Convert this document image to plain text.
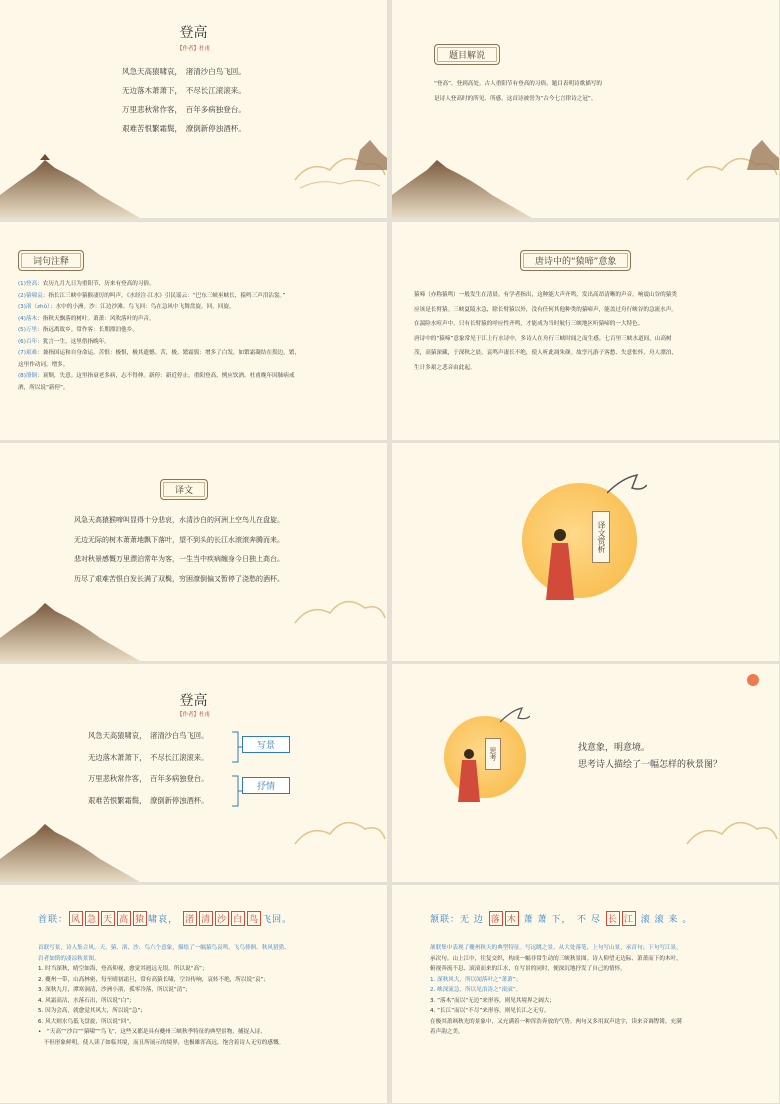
登高
【作者】杜甫
风急天高猿啸哀，　渚清沙白鸟飞回。
无边落木萧萧下，　不尽长江滚滚来。
万里悲秋常作客，　百年多病独登台。
艰难苦恨繁霜鬓，　潦倒新停浊酒杯。
题目解说
“登高”，登到高处。古人重阳节有登高的习俗。题目表明诗歌描写的
是诗人登高时的所见、所感。这首诗被誉为“古今七言律诗之冠”。
词句注释
(1)登高：农历九月九日为重阳节，历来有登高的习俗。
(2)猿啸哀：指长江三峡中猿猴凄厉的叫声。《水经注·江水》引民谣云：“巴东三峡巫峡长，猿鸣三声泪沾裳。”
(3)渚（zhǔ）：水中的小洲。沙：江边沙滩。鸟飞回：鸟在急风中飞舞盘旋。回，回旋。
(4)落木：指秋天飘落的树叶。萧萧：风吹落叶的声音。
(5)万里：指远离故乡。常作客：长期漂泊他乡。
(6)百年：犹言一生，这里借指晚年。
(7)艰难：兼指国运和自身命运。苦恨：极恨，极其遗憾。苦，极。繁霜鬓：增多了白发，如繁霜凝结在鬓边。繁，
这里作动词，增多。
(8)潦倒：衰颓，失意。这里指衰老多病，志不得伸。新停：新近停止。重阳登高，例应饮酒。杜甫晚年因肺病戒
酒，所以说“新停”。
唐诗中的“猿啼”意象
猿啼（亦称猿鸣）一般发生在清晨。有学者指出，这种能大声齐鸣，发出高昂清晰的声音，响震山谷的猿类
应该是长臂猿。三峡夏陵水急，除长臂猿以外，没有任何其他种类的猿啼声，能盖过舟行峡谷的急流水声。
在湍险水喧声中，只有长臂猿的呼应性齐鸣，才能成为当时航行三峡地区听猿啼的一大特色。
唐诗中的“猿啼”意象常见于江上行水诗中，多诗人在舟行三峡时闻之而生感。七百里三峡水道间，山高树
茂，高猿深藏，于深秋之晨，哀鸣声凄长不绝，使人听此凋朱颜。故孪凡游子客愁、失意怅怀，舟人漂泊，
生计多艰之悲音由此起。
译文
风急天高猿猴啼叫显得十分悲哀，水清沙白的河洲上空鸟儿在盘旋。
无边无际的树木萧萧地飘下落叶，望不到头的长江水滚滚奔腾而来。
悲对秋景感慨万里漂泊常年为客，一生当中疾病缠身今日独上高台。
历尽了艰难苦恨白发长满了双鬓，穷困潦倒偏又暂停了浇愁的酒杯。
译文赏析
登高
【作者】杜甫
风急天高猿啸哀，　渚清沙白鸟飞回。
无边落木萧萧下，　不尽长江滚滚来。
万里悲秋常作客，　百年多病独登台。
艰难苦恨繁霜鬓，　潦倒新停浊酒杯。
写景
抒情
思考	找意象，明意境。
思考诗人描绘了一幅怎样的秋景图？
首联： 风 急 天 高 猿 啸哀， 渚 清 沙 白 鸟 飞回。
首联写景，诗人集合风、天、猿、渚、沙、鸟六个意象，描绘了一幅猿鸟哀鸣、飞鸟徘徊、秋风猎猎、
岩者如斯的凄凉秋景图。
1. 时当深秋，晴空如海，登高仰视，愈觉其迥远无垠，所以说“高”；
2. 夔州一带，山高林密，每至晴初霜旦，常有高猿长啸，空谷传响，哀转不绝，所以说“哀”；
3. 深秋九月，潭寒洞清，沙洲小渚，孤零冷落，所以说“清”；
4. 风霜高洁，水落石出，所以说“白”；
5. 因为会高，就愈觉其风大，所以说“急”；
6. 风大则水鸟低飞盘旋，所以说“回”。
•　“天高”“沙白”“猿啸”“鸟飞”，这些又都是具有夔州三峡秋季特征的典型景物，捕捉入诗，
　不但形象鲜明，使人读了如临其境，而且所展示的境界，也极雄浑高远，饱含着诗人无穷的感慨。
颔联：无 边 落 木 萧 萧 下，　 不 尽 长 江 滚 滚 来 。
颔联集中表现了夔州秋天的典型特征。写远眺之景，从大处落笔，上句写山景，承首句；下句写江景，
承次句。山上江中，往复交织，构成一幅非常生动的三峡秋景图。诗人仰望无边际、萧萧而下的木叶，
俯视奔流不息、滚滚而来的江水，在写景的同时，便深沉地抒发了自己的情怀。
1. 深秋风大，所以闻落叶之“萧萧”；
2. 峡深流急，所以见浪涛之“滚滚”。
3. “落木”而以“无边”来形容，则见其境界之阔大；
4. “长江”而以“不尽”来形容，则见长江之无穷。
在极其萧飒秋光的景象中，又充满着一种浑浩奔放的气势。两句又多用双声迭字，读来音调铿锵，充满
着声韵之美。
